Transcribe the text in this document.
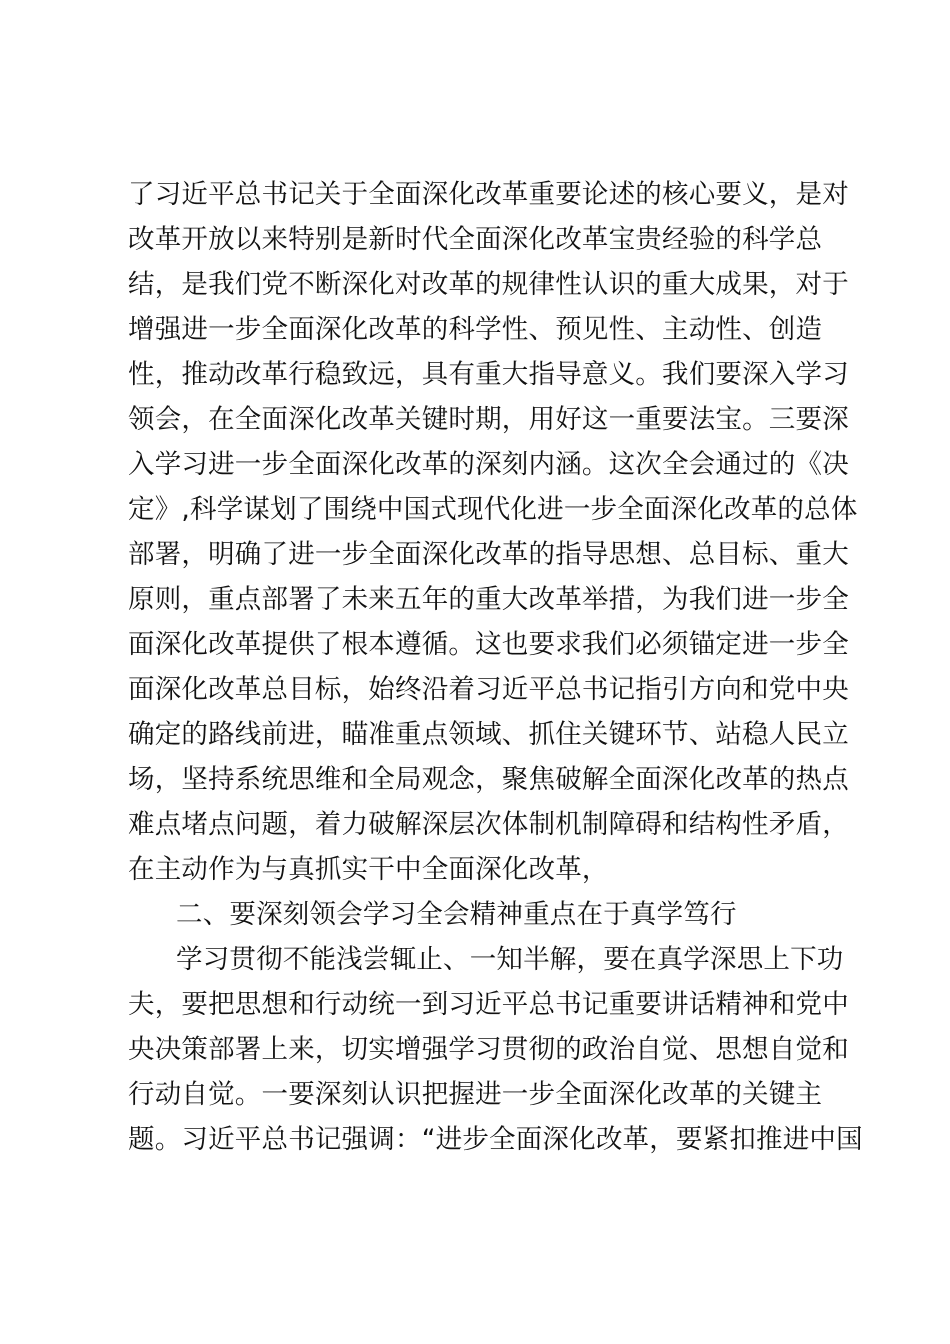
了习近平总书记关于全面深化改革重要论述的核心要义，是对
改革开放以来特别是新时代全面深化改革宝贵经验的科学总
结，是我们党不断深化对改革的规律性认识的重大成果，对于
增强进一步全面深化改革的科学性、预见性、主动性、创造
性，推动改革行稳致远，具有重大指导意义。我们要深入学习
领会，在全面深化改革关键时期，用好这一重要法宝。三要深
入学习进一步全面深化改革的深刻内涵。这次全会通过的《决
定》,科学谋划了围绕中国式现代化进一步全面深化改革的总体
部署，明确了进一步全面深化改革的指导思想、总目标、重大
原则，重点部署了未来五年的重大改革举措，为我们进一步全
面深化改革提供了根本遵循。这也要求我们必须锚定进一步全
面深化改革总目标，始终沿着习近平总书记指引方向和党中央
确定的路线前进，瞄准重点领域、抓住关键环节、站稳人民立
场，坚持系统思维和全局观念，聚焦破解全面深化改革的热点
难点堵点问题，着力破解深层次体制机制障碍和结构性矛盾，
在主动作为与真抓实干中全面深化改革，
二、要深刻领会学习全会精神重点在于真学笃行
学习贯彻不能浅尝辄止、一知半解，要在真学深思上下功
夫，要把思想和行动统一到习近平总书记重要讲话精神和党中
央决策部署上来，切实增强学习贯彻的政治自觉、思想自觉和
行动自觉。一要深刻认识把握进一步全面深化改革的关键主
题。习近平总书记强调：“进步全面深化改革，要紧扣推进中国
